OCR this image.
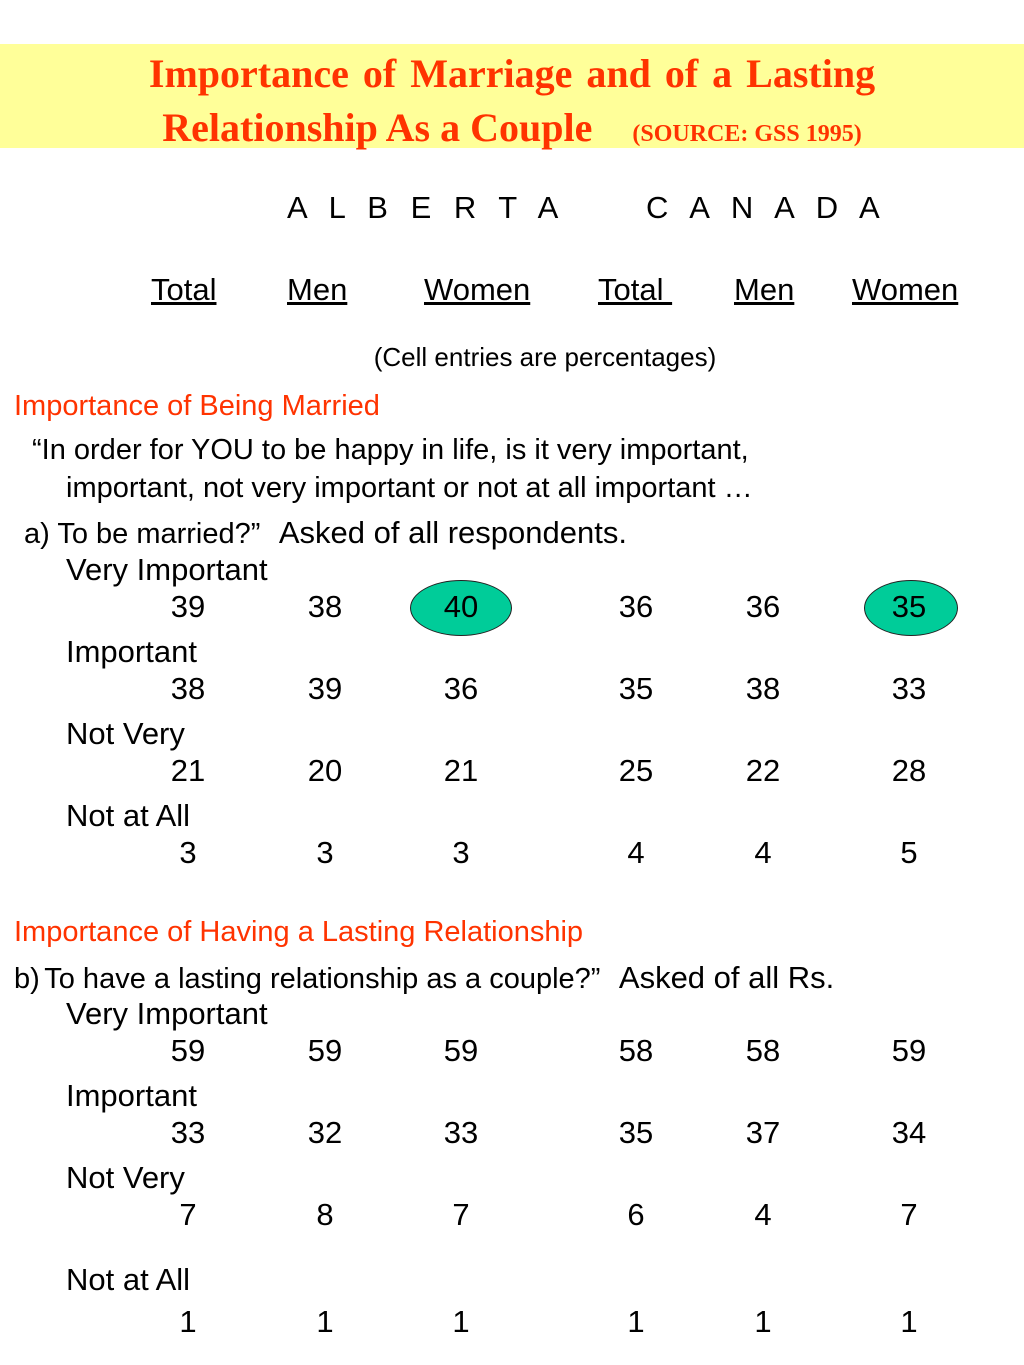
Importance of Marriage and of a Lasting
Relationship As a Couple (SOURCE: GSS 1995)
A L B E R T A	C A N A D A
Total Men Women Total Men Women
(Cell entries are percentages)
Importance of Being Married
“In order for YOU to be happy in life, is it very important,
important, not very important or not at all important …
a) To be married?” Asked of all respondents.
Very Important
39	38	40	36	36	35
Important
38	39	36	35	38	33
Not Very
21	20	21	25	22	28
Not at All
3	3	3	4	4	5
Importance of Having a Lasting Relationship
b) To have a lasting relationship as a couple?” Asked of all Rs.
Very Important
59	59	59	58	58	59
Important
33	32	33	35	37	34
Not Very
7	8	7	6	4	7
Not at All
1	1	1	1	1	1
